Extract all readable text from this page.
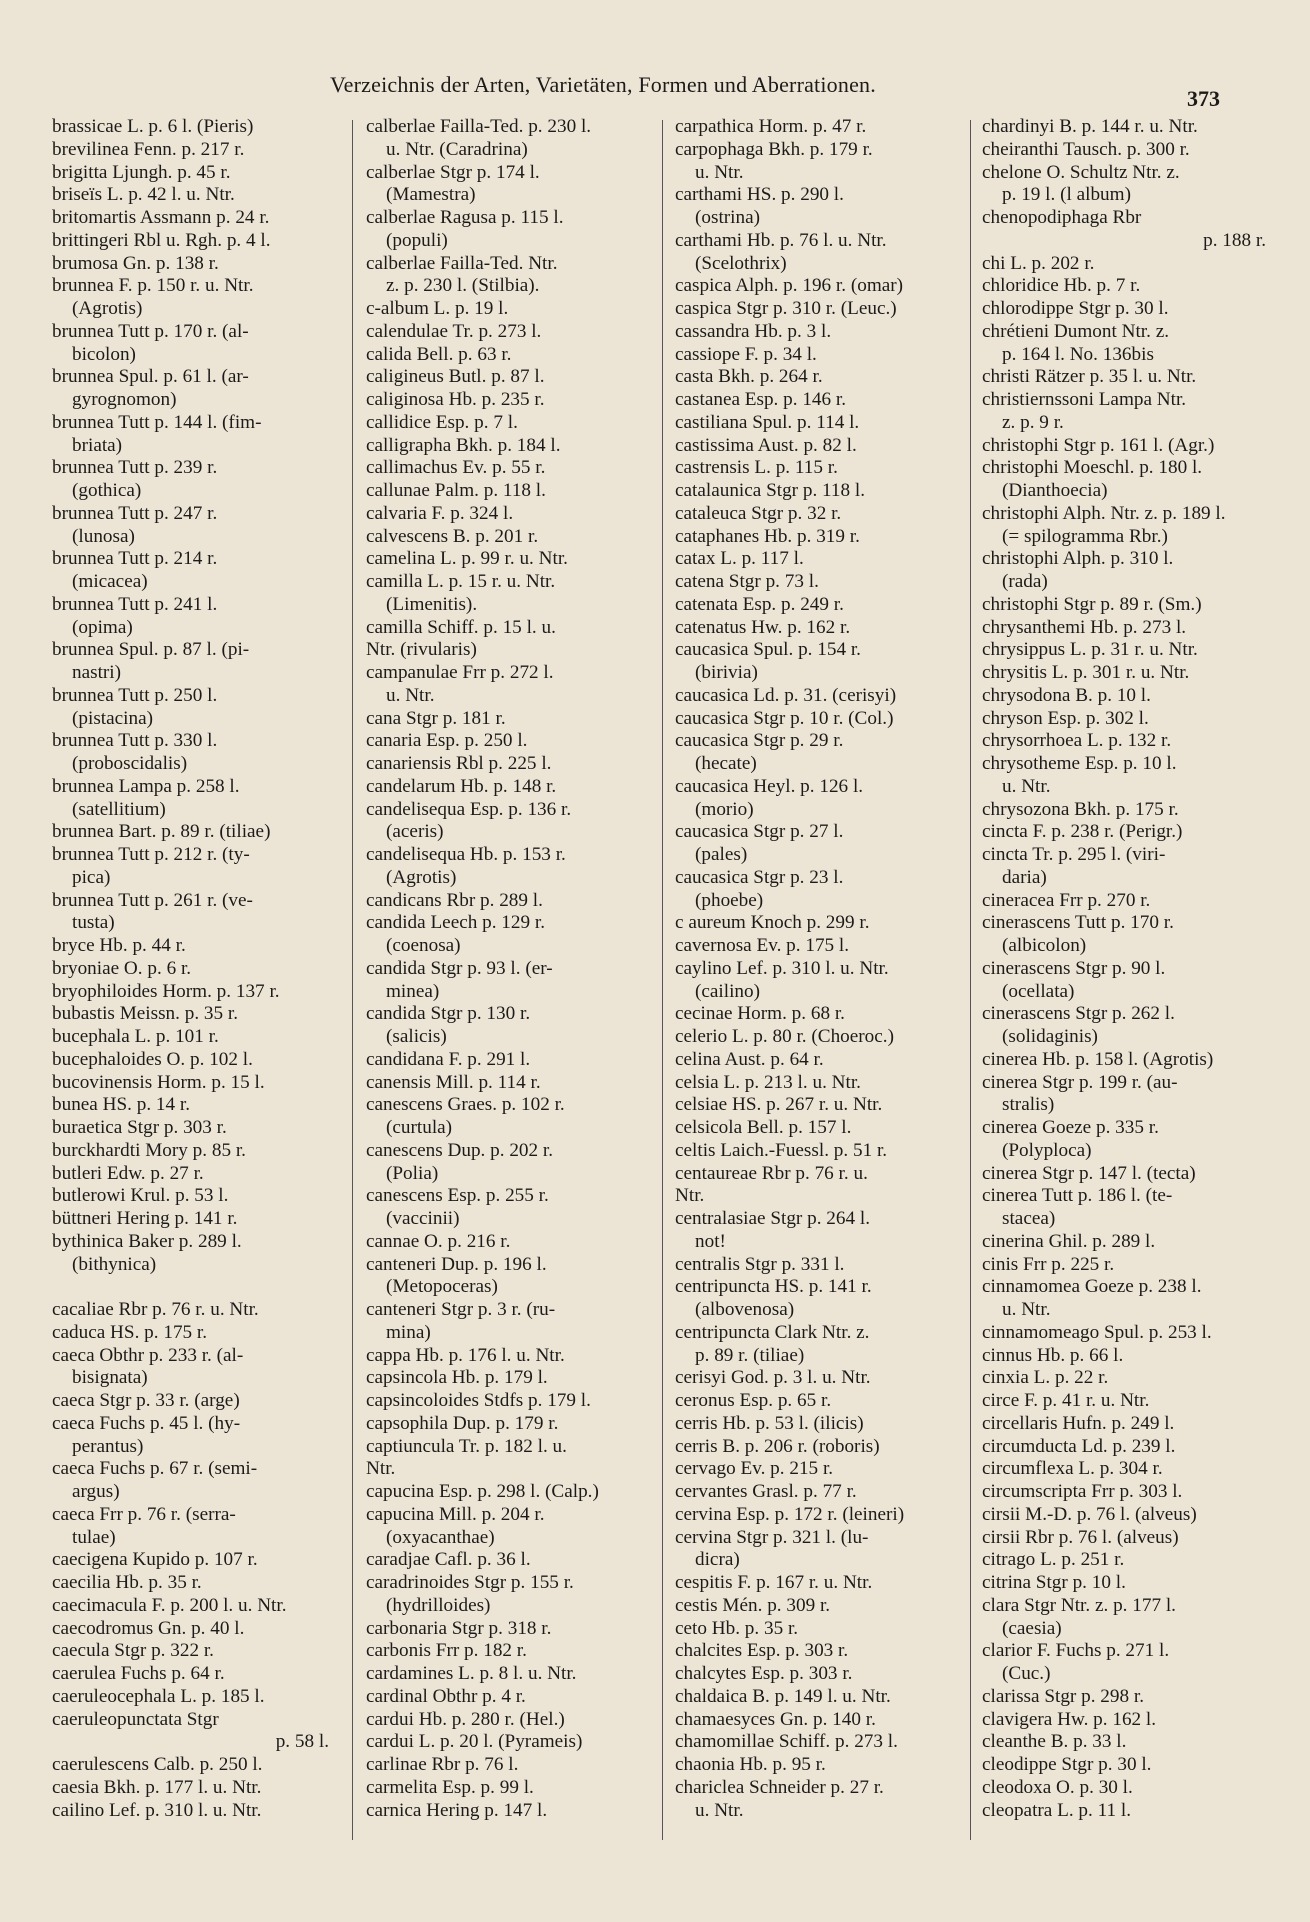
Verzeichnis der Arten, Varietäten, Formen und Aberrationen.
373
brassicae L. p. 6 l. (Pieris)
brevilinea Fenn. p. 217 r.
brigitta Ljungh. p. 45 r.
briseïs L. p. 42 l. u. Ntr.
britomartis Assmann p. 24 r.
brittingeri Rbl u. Rgh. p. 4 l.
brumosa Gn. p. 138 r.
brunnea F. p. 150 r. u. Ntr.
(Agrotis)
brunnea Tutt p. 170 r. (al-
bicolon)
brunnea Spul. p. 61 l. (ar-
gyrognomon)
brunnea Tutt p. 144 l. (fim-
briata)
brunnea Tutt p. 239 r.
(gothica)
brunnea Tutt p. 247 r.
(lunosa)
brunnea Tutt p. 214 r.
(micacea)
brunnea Tutt p. 241 l.
(opima)
brunnea Spul. p. 87 l. (pi-
nastri)
brunnea Tutt p. 250 l.
(pistacina)
brunnea Tutt p. 330 l.
(proboscidalis)
brunnea Lampa p. 258 l.
(satellitium)
brunnea Bart. p. 89 r. (tiliae)
brunnea Tutt p. 212 r. (ty-
pica)
brunnea Tutt p. 261 r. (ve-
tusta)
bryce Hb. p. 44 r.
bryoniae O. p. 6 r.
bryophiloides Horm. p. 137 r.
bubastis Meissn. p. 35 r.
bucephala L. p. 101 r.
bucephaloides O. p. 102 l.
bucovinensis Horm. p. 15 l.
bunea HS. p. 14 r.
buraetica Stgr p. 303 r.
burckhardti Mory p. 85 r.
butleri Edw. p. 27 r.
butlerowi Krul. p. 53 l.
büttneri Hering p. 141 r.
bythinica Baker p. 289 l.
(bithynica)
cacaliae Rbr p. 76 r. u. Ntr.
caduca HS. p. 175 r.
caeca Obthr p. 233 r. (al-
bisignata)
caeca Stgr p. 33 r. (arge)
caeca Fuchs p. 45 l. (hy-
perantus)
caeca Fuchs p. 67 r. (semi-
argus)
caeca Frr p. 76 r. (serra-
tulae)
caecigena Kupido p. 107 r.
caecilia Hb. p. 35 r.
caecimacula F. p. 200 l. u. Ntr.
caecodromus Gn. p. 40 l.
caecula Stgr p. 322 r.
caerulea Fuchs p. 64 r.
caeruleocephala L. p. 185 l.
caeruleopunctata Stgr
p. 58 l.
caerulescens Calb. p. 250 l.
caesia Bkh. p. 177 l. u. Ntr.
cailino Lef. p. 310 l. u. Ntr.
calberlae Failla-Ted. p. 230 l.
u. Ntr. (Caradrina)
calberlae Stgr p. 174 l.
(Mamestra)
calberlae Ragusa p. 115 l.
(populi)
calberlae Failla-Ted. Ntr.
z. p. 230 l. (Stilbia).
c-album L. p. 19 l.
calendulae Tr. p. 273 l.
calida Bell. p. 63 r.
caligineus Butl. p. 87 l.
caliginosa Hb. p. 235 r.
callidice Esp. p. 7 l.
calligrapha Bkh. p. 184 l.
callimachus Ev. p. 55 r.
callunae Palm. p. 118 l.
calvaria F. p. 324 l.
calvescens B. p. 201 r.
camelina L. p. 99 r. u. Ntr.
camilla L. p. 15 r. u. Ntr.
(Limenitis).
camilla Schiff. p. 15 l. u.
Ntr. (rivularis)
campanulae Frr p. 272 l.
u. Ntr.
cana Stgr p. 181 r.
canaria Esp. p. 250 l.
canariensis Rbl p. 225 l.
candelarum Hb. p. 148 r.
candelisequa Esp. p. 136 r.
(aceris)
candelisequa Hb. p. 153 r.
(Agrotis)
candicans Rbr p. 289 l.
candida Leech p. 129 r.
(coenosa)
candida Stgr p. 93 l. (er-
minea)
candida Stgr p. 130 r.
(salicis)
candidana F. p. 291 l.
canensis Mill. p. 114 r.
canescens Graes. p. 102 r.
(curtula)
canescens Dup. p. 202 r.
(Polia)
canescens Esp. p. 255 r.
(vaccinii)
cannae O. p. 216 r.
canteneri Dup. p. 196 l.
(Metopoceras)
canteneri Stgr p. 3 r. (ru-
mina)
cappa Hb. p. 176 l. u. Ntr.
capsincola Hb. p. 179 l.
capsincoloides Stdfs p. 179 l.
capsophila Dup. p. 179 r.
captiuncula Tr. p. 182 l. u.
Ntr.
capucina Esp. p. 298 l. (Calp.)
capucina Mill. p. 204 r.
(oxyacanthae)
caradjae Cafl. p. 36 l.
caradrinoides Stgr p. 155 r.
(hydrilloides)
carbonaria Stgr p. 318 r.
carbonis Frr p. 182 r.
cardamines L. p. 8 l. u. Ntr.
cardinal Obthr p. 4 r.
cardui Hb. p. 280 r. (Hel.)
cardui L. p. 20 l. (Pyrameis)
carlinae Rbr p. 76 l.
carmelita Esp. p. 99 l.
carnica Hering p. 147 l.
carpathica Horm. p. 47 r.
carpophaga Bkh. p. 179 r.
u. Ntr.
carthami HS. p. 290 l.
(ostrina)
carthami Hb. p. 76 l. u. Ntr.
(Scelothrix)
caspica Alph. p. 196 r. (omar)
caspica Stgr p. 310 r. (Leuc.)
cassandra Hb. p. 3 l.
cassiope F. p. 34 l.
casta Bkh. p. 264 r.
castanea Esp. p. 146 r.
castiliana Spul. p. 114 l.
castissima Aust. p. 82 l.
castrensis L. p. 115 r.
catalaunica Stgr p. 118 l.
cataleuca Stgr p. 32 r.
cataphanes Hb. p. 319 r.
catax L. p. 117 l.
catena Stgr p. 73 l.
catenata Esp. p. 249 r.
catenatus Hw. p. 162 r.
caucasica Spul. p. 154 r.
(birivia)
caucasica Ld. p. 31. (cerisyi)
caucasica Stgr p. 10 r. (Col.)
caucasica Stgr p. 29 r.
(hecate)
caucasica Heyl. p. 126 l.
(morio)
caucasica Stgr p. 27 l.
(pales)
caucasica Stgr p. 23 l.
(phoebe)
c aureum Knoch p. 299 r.
cavernosa Ev. p. 175 l.
caylino Lef. p. 310 l. u. Ntr.
(cailino)
cecinae Horm. p. 68 r.
celerio L. p. 80 r. (Choeroc.)
celina Aust. p. 64 r.
celsia L. p. 213 l. u. Ntr.
celsiae HS. p. 267 r. u. Ntr.
celsicola Bell. p. 157 l.
celtis Laich.-Fuessl. p. 51 r.
centaureae Rbr p. 76 r. u.
Ntr.
centralasiae Stgr p. 264 l.
not!
centralis Stgr p. 331 l.
centripuncta HS. p. 141 r.
(albovenosa)
centripuncta Clark Ntr. z.
p. 89 r. (tiliae)
cerisyi God. p. 3 l. u. Ntr.
ceronus Esp. p. 65 r.
cerris Hb. p. 53 l. (ilicis)
cerris B. p. 206 r. (roboris)
cervago Ev. p. 215 r.
cervantes Grasl. p. 77 r.
cervina Esp. p. 172 r. (leineri)
cervina Stgr p. 321 l. (lu-
dicra)
cespitis F. p. 167 r. u. Ntr.
cestis Mén. p. 309 r.
ceto Hb. p. 35 r.
chalcites Esp. p. 303 r.
chalcytes Esp. p. 303 r.
chaldaica B. p. 149 l. u. Ntr.
chamaesyces Gn. p. 140 r.
chamomillae Schiff. p. 273 l.
chaonia Hb. p. 95 r.
chariclea Schneider p. 27 r.
u. Ntr.
chardinyi B. p. 144 r. u. Ntr.
cheiranthi Tausch. p. 300 r.
chelone O. Schultz Ntr. z.
p. 19 l. (l album)
chenopodiphaga Rbr
p. 188 r.
chi L. p. 202 r.
chloridice Hb. p. 7 r.
chlorodippe Stgr p. 30 l.
chrétieni Dumont Ntr. z.
p. 164 l. No. 136bis
christi Rätzer p. 35 l. u. Ntr.
christiernssoni Lampa Ntr.
z. p. 9 r.
christophi Stgr p. 161 l. (Agr.)
christophi Moeschl. p. 180 l.
(Dianthoecia)
christophi Alph. Ntr. z. p. 189 l.
(= spilogramma Rbr.)
christophi Alph. p. 310 l.
(rada)
christophi Stgr p. 89 r. (Sm.)
chrysanthemi Hb. p. 273 l.
chrysippus L. p. 31 r. u. Ntr.
chrysitis L. p. 301 r. u. Ntr.
chrysodona B. p. 10 l.
chryson Esp. p. 302 l.
chrysorrhoea L. p. 132 r.
chrysotheme Esp. p. 10 l.
u. Ntr.
chrysozona Bkh. p. 175 r.
cincta F. p. 238 r. (Perigr.)
cincta Tr. p. 295 l. (viri-
daria)
cineracea Frr p. 270 r.
cinerascens Tutt p. 170 r.
(albicolon)
cinerascens Stgr p. 90 l.
(ocellata)
cinerascens Stgr p. 262 l.
(solidaginis)
cinerea Hb. p. 158 l. (Agrotis)
cinerea Stgr p. 199 r. (au-
stralis)
cinerea Goeze p. 335 r.
(Polyploca)
cinerea Stgr p. 147 l. (tecta)
cinerea Tutt p. 186 l. (te-
stacea)
cinerina Ghil. p. 289 l.
cinis Frr p. 225 r.
cinnamomea Goeze p. 238 l.
u. Ntr.
cinnamomeago Spul. p. 253 l.
cinnus Hb. p. 66 l.
cinxia L. p. 22 r.
circe F. p. 41 r. u. Ntr.
circellaris Hufn. p. 249 l.
circumducta Ld. p. 239 l.
circumflexa L. p. 304 r.
circumscripta Frr p. 303 l.
cirsii M.-D. p. 76 l. (alveus)
cirsii Rbr p. 76 l. (alveus)
citrago L. p. 251 r.
citrina Stgr p. 10 l.
clara Stgr Ntr. z. p. 177 l.
(caesia)
clarior F. Fuchs p. 271 l.
(Cuc.)
clarissa Stgr p. 298 r.
clavigera Hw. p. 162 l.
cleanthe B. p. 33 l.
cleodippe Stgr p. 30 l.
cleodoxa O. p. 30 l.
cleopatra L. p. 11 l.
